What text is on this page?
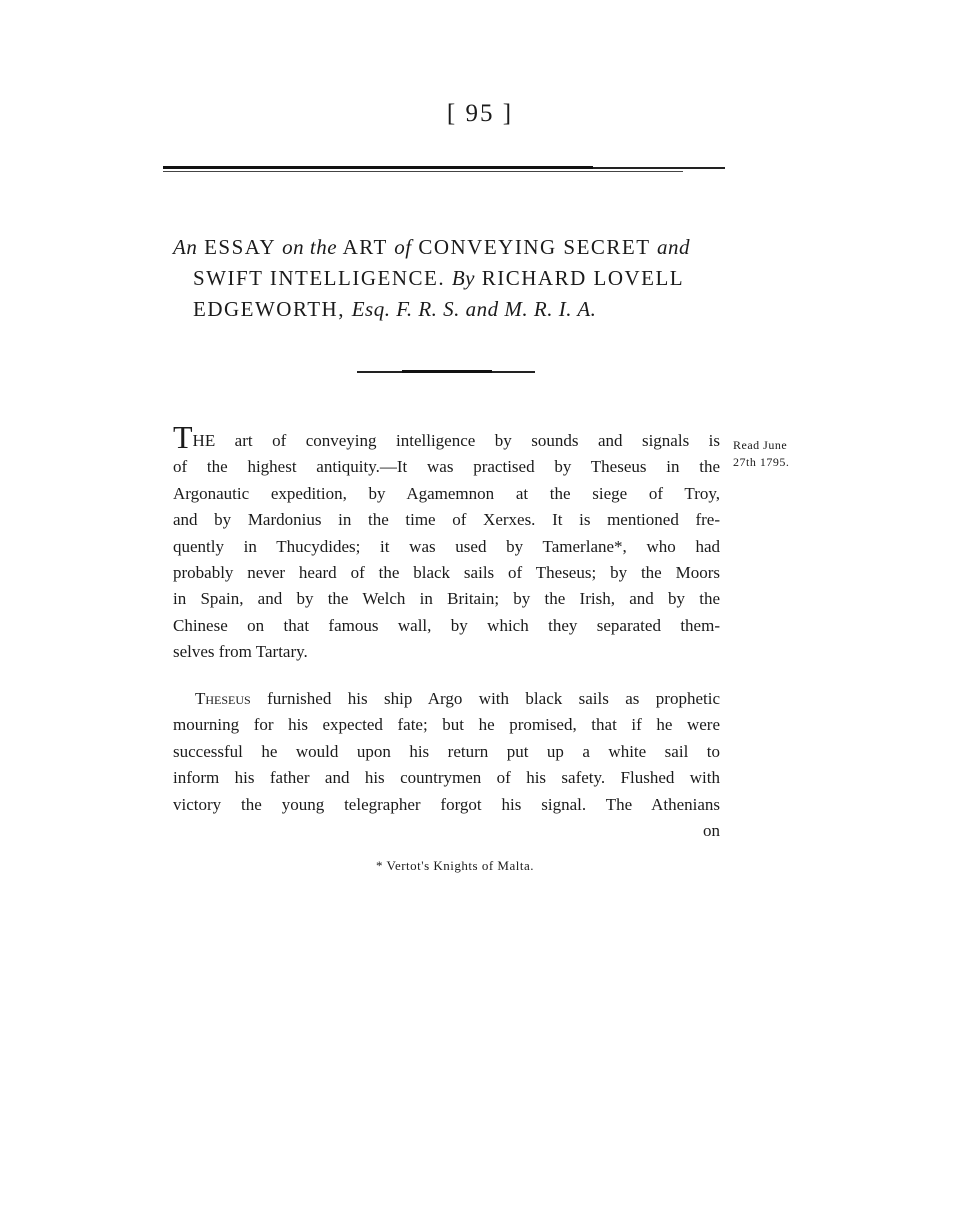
[ 95 ]
An ESSAY on the ART of CONVEYING SECRET and
SWIFT INTELLIGENCE. By RICHARD LOVELL
EDGEWORTH, Esq. F. R. S. and M. R. I. A.
Read June
27th 1795.
THE art of conveying intelligence by sounds and signals is
of the highest antiquity.—It was practised by Theseus in the
Argonautic expedition, by Agamemnon at the siege of Troy,
and by Mardonius in the time of Xerxes. It is mentioned fre-
quently in Thucydides; it was used by Tamerlane*, who had
probably never heard of the black sails of Theseus; by the Moors
in Spain, and by the Welch in Britain; by the Irish, and by the
Chinese on that famous wall, by which they separated them-
selves from Tartary.
Theseus furnished his ship Argo with black sails as prophetic
mourning for his expected fate; but he promised, that if he were
successful he would upon his return put up a white sail to
inform his father and his countrymen of his safety. Flushed with
victory the young telegrapher forgot his signal. The Athenians
on
* Vertot's Knights of Malta.
